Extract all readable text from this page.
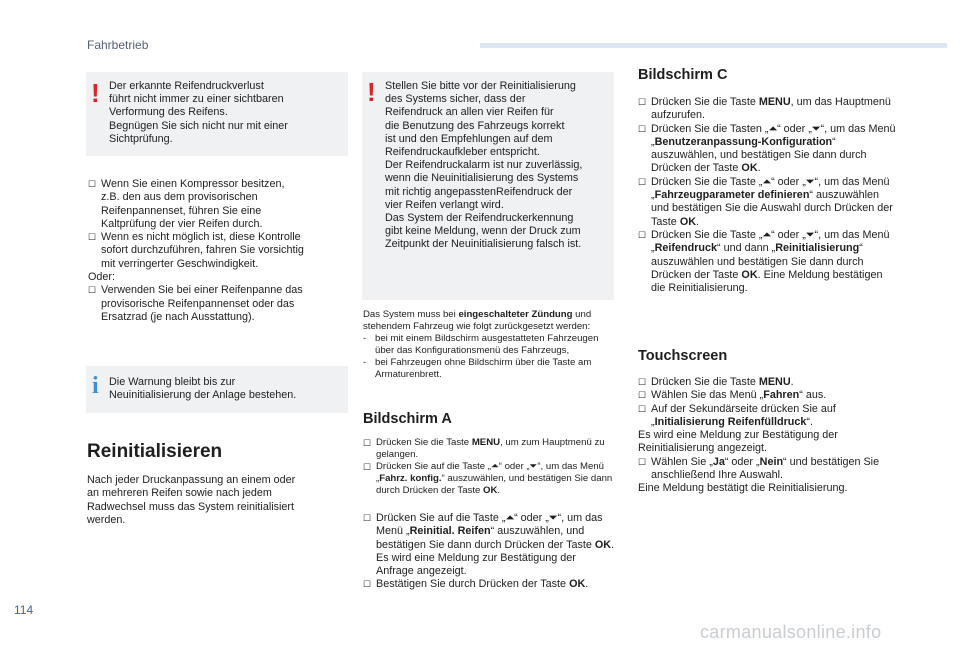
Fahrbetrieb
! Der erkannte Reifendruckverlust
führt nicht immer zu einer sichtbaren
Verformung des Reifens.
Begnügen Sie sich nicht nur mit einer
Sichtprüfung.
☐ Wenn Sie einen Kompressor besitzen,
z.B. den aus dem provisorischen
Reifenpannenset, führen Sie eine
Kaltprüfung der vier Reifen durch.
☐ Wenn es nicht möglich ist, diese Kontrolle
sofort durchzuführen, fahren Sie vorsichtig
mit verringerter Geschwindigkeit.
Oder:
☐ Verwenden Sie bei einer Reifenpanne das
provisorische Reifenpannenset oder das
Ersatzrad (je nach Ausstattung).
i Die Warnung bleibt bis zur
Neuinitialisierung der Anlage bestehen.
Reinitialisieren
Nach jeder Druckanpassung an einem oder
an mehreren Reifen sowie nach jedem
Radwechsel muss das System reinitialisiert
werden.
! Stellen Sie bitte vor der Reinitialisierung
des Systems sicher, dass der
Reifendruck an allen vier Reifen für
die Benutzung des Fahrzeugs korrekt
ist und den Empfehlungen auf dem
Reifendruckaufkleber entspricht.
Der Reifendruckalarm ist nur zuverlässig,
wenn die Neuinitialisierung des Systems
mit richtig angepasstenReifendruck der
vier Reifen verlangt wird.
Das System der Reifendruckerkennung
gibt keine Meldung, wenn der Druck zum
Zeitpunkt der Neuinitialisierung falsch ist.

Das System muss bei eingeschalteter Zündung und stehendem Fahrzeug wie folgt zurückgesetzt werden:

- bei mit einem Bildschirm ausgestatteten Fahrzeugen über das Konfigurationsmenü des Fahrzeugs,
- bei Fahrzeugen ohne Bildschirm über die Taste am Armaturenbrett.
Bildschirm A
☐ Drücken Sie die Taste MENU, um zum Hauptmenü zu gelangen.
☐ Drücken Sie auf die Taste „⏶“ oder „⏷“, um das Menü „Fahrz. konfig.“ auszuwählen, und bestätigen Sie dann durch Drücken der Taste OK.
☐ Drücken Sie auf die Taste „⏶“ oder „⏷“, um das Menü „Reinitial. Reifen“ auszuwählen, und bestätigen Sie dann durch Drücken der Taste OK.
Es wird eine Meldung zur Bestätigung der Anfrage angezeigt.
☐ Bestätigen Sie durch Drücken der Taste OK.
Bildschirm C
☐ Drücken Sie die Taste MENU, um das Hauptmenü aufzurufen.
☐ Drücken Sie die Tasten „⏶“ oder „⏷“, um das Menü „Benutzeranpassung-Konfiguration“ auszuwählen, und bestätigen Sie dann durch Drücken der Taste OK.
☐ Drücken Sie die Taste „⏶“ oder „⏷“, um das Menü „Fahrzeugparameter definieren“ auszuwählen und bestätigen Sie die Auswahl durch Drücken der Taste OK.
☐ Drücken Sie die Taste „⏶“ oder „⏷“, um das Menü „Reifendruck“ und dann „Reinitialisierung“ auszuwählen und bestätigen Sie dann durch Drücken der Taste OK. Eine Meldung bestätigen die Reinitialisierung.
Touchscreen
☐ Drücken Sie die Taste MENU.
☐ Wählen Sie das Menü „Fahren“ aus.
☐ Auf der Sekundärseite drücken Sie auf „Initialisierung Reifenfülldruck“.
Es wird eine Meldung zur Bestätigung der Reinitialisierung angezeigt.
☐ Wählen Sie „Ja“ oder „Nein“ und bestätigen Sie anschließend Ihre Auswahl.
Eine Meldung bestätigt die Reinitialisierung.
114
carmanualsonline.info
